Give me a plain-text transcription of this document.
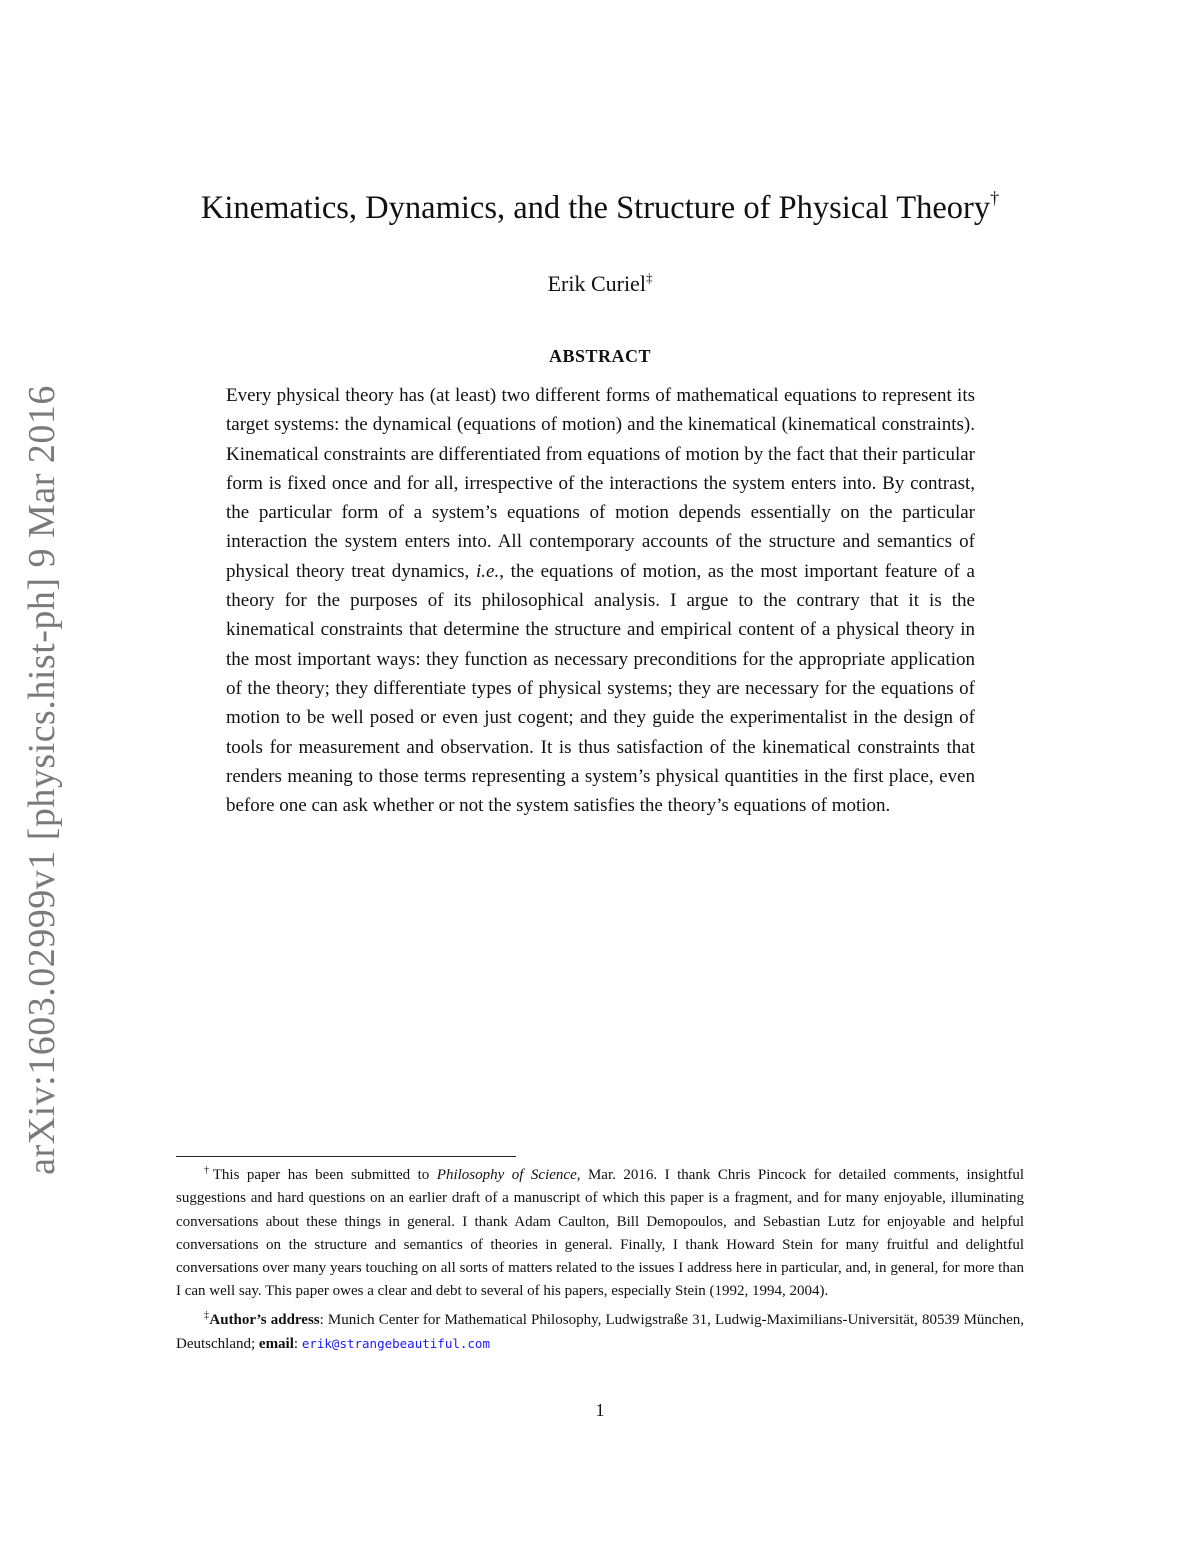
arXiv:1603.02999v1 [physics.hist-ph] 9 Mar 2016
Kinematics, Dynamics, and the Structure of Physical Theory†
Erik Curiel‡
ABSTRACT

Every physical theory has (at least) two different forms of mathematical equations to represent its target systems: the dynamical (equations of motion) and the kinematical (kinematical constraints). Kinematical constraints are differentiated from equations of motion by the fact that their particular form is fixed once and for all, irrespective of the interactions the system enters into. By contrast, the particular form of a system’s equations of motion depends essentially on the particular interaction the system enters into. All contemporary accounts of the structure and semantics of physical theory treat dynamics, i.e., the equations of motion, as the most important feature of a theory for the purposes of its philosophical analysis. I argue to the contrary that it is the kinematical constraints that determine the structure and empirical content of a physical theory in the most important ways: they function as necessary preconditions for the appropriate application of the theory; they differentiate types of physical systems; they are necessary for the equations of motion to be well posed or even just cogent; and they guide the experimentalist in the design of tools for measurement and observation. It is thus satisfaction of the kinematical constraints that renders meaning to those terms representing a system’s physical quantities in the first place, even before one can ask whether or not the system satisfies the theory’s equations of motion.

†This paper has been submitted to Philosophy of Science, Mar. 2016. I thank Chris Pincock for detailed comments, insightful suggestions and hard questions on an earlier draft of a manuscript of which this paper is a fragment, and for many enjoyable, illuminating conversations about these things in general. I thank Adam Caulton, Bill Demopoulos, and Sebastian Lutz for enjoyable and helpful conversations on the structure and semantics of theories in general. Finally, I thank Howard Stein for many fruitful and delightful conversations over many years touching on all sorts of matters related to the issues I address here in particular, and, in general, for more than I can well say. This paper owes a clear and debt to several of his papers, especially Stein (1992, 1994, 2004).

‡Author’s address: Munich Center for Mathematical Philosophy, Ludwigstraße 31, Ludwig-Maximilians-Universität, 80539 München, Deutschland; email: erik@strangebeautiful.com

1
